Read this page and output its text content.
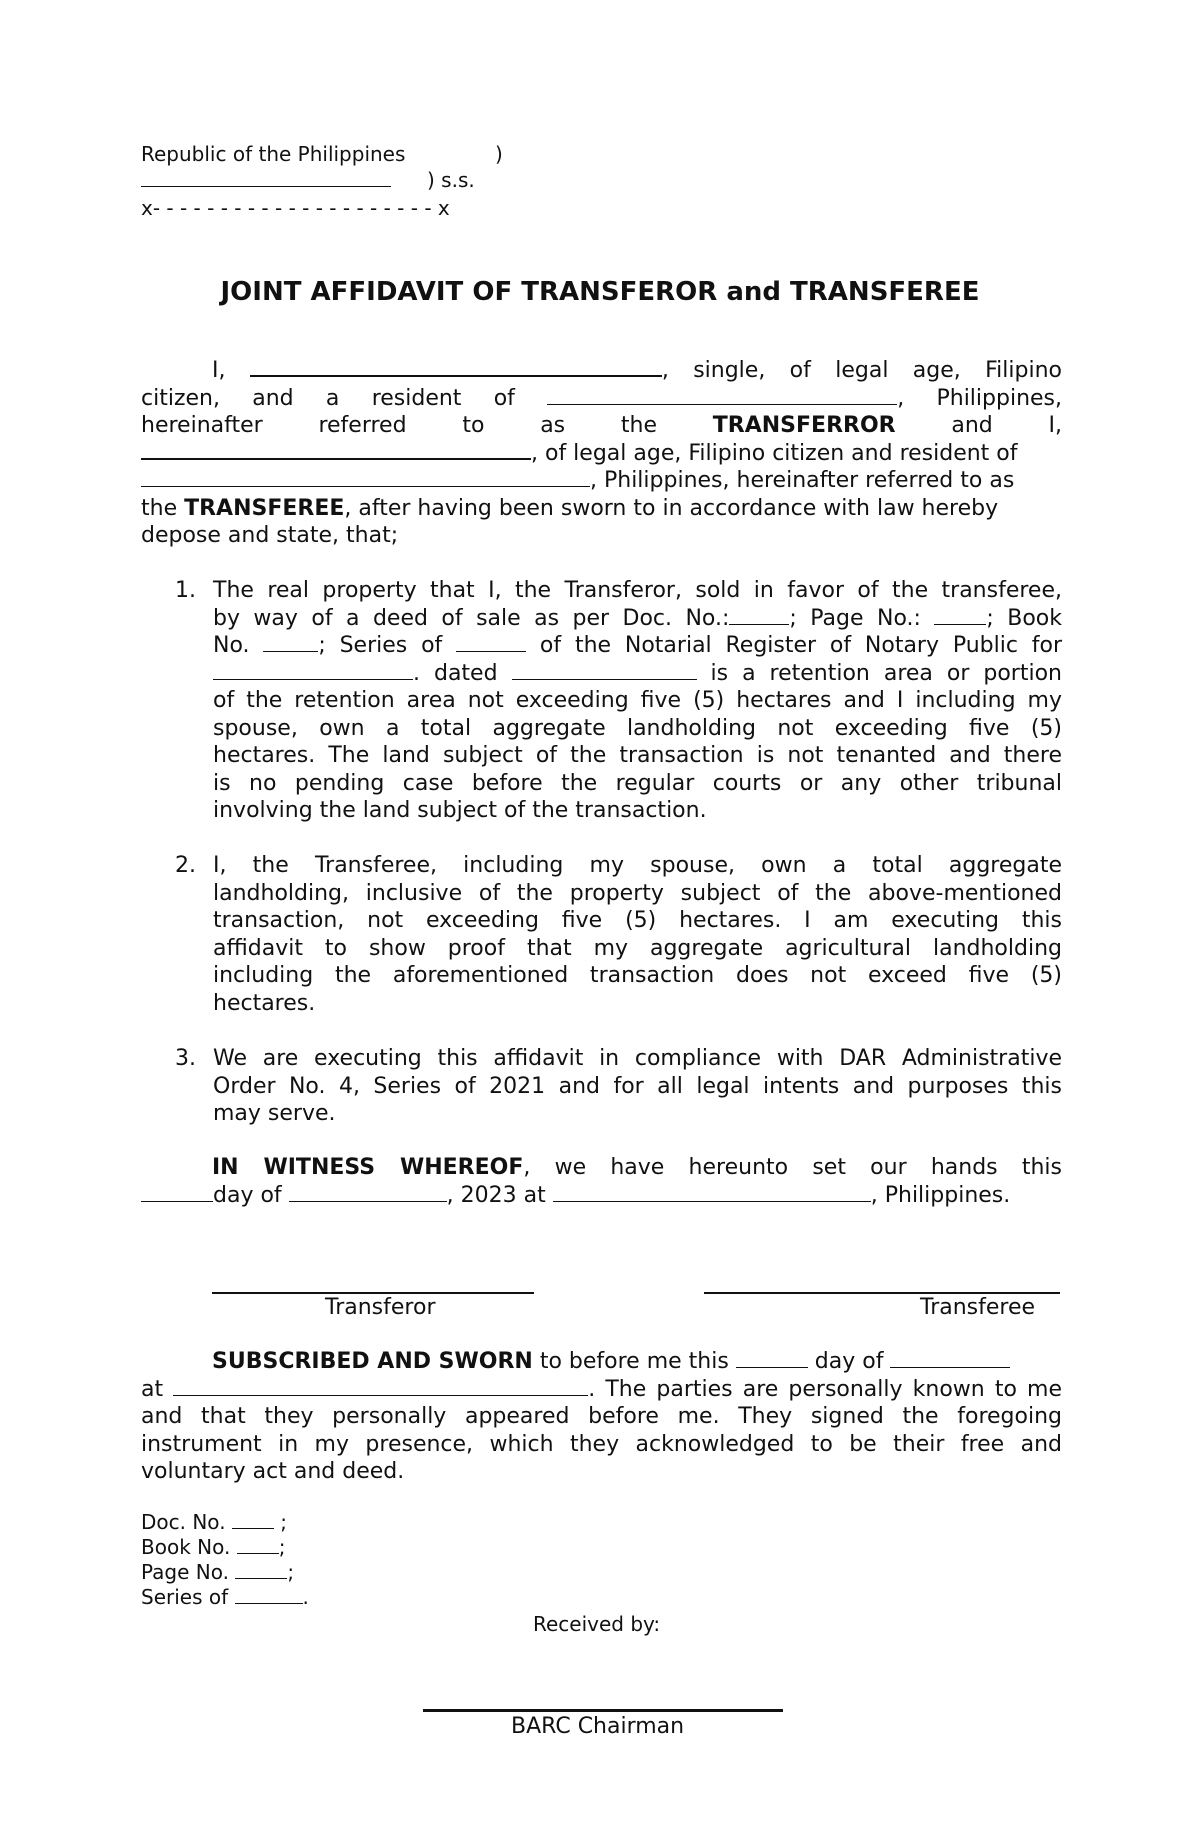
Republic of the Philippines	)
) s.s.
x- - - - - - - - - - - - - - - - - - - - - x
JOINT AFFIDAVIT OF TRANSFEROR and TRANSFEREE
I,	, single, of legal age, Filipino
citizen, and a resident of	, Philippines,
hereinafter	referred	to	as	the	TRANSFERROR	and	I,
, of legal age, Filipino citizen and resident of
, Philippines, hereinafter referred to as
the TRANSFEREE, after having been sworn to in accordance with law hereby
depose and state, that;
1. The real property that I, the Transferor, sold in favor of the transferee,
by way of a deed of sale as per Doc. No.:	; Page No.: ; Book
No.	; Series of	of the Notarial Register of Notary Public for
. dated	is a retention area or portion
of the retention area not exceeding five (5) hectares and I including my
spouse, own a total aggregate landholding not exceeding five (5)
hectares. The land subject of the transaction is not tenanted and there
is no pending case before the regular courts or any other tribunal
involving the land subject of the transaction.
2. I, the Transferee, including my spouse, own a total aggregate
landholding, inclusive of the property subject of the above-mentioned
transaction, not exceeding five (5) hectares. I am executing this
affidavit to show proof that my aggregate agricultural landholding
including the aforementioned transaction does not exceed five (5)
hectares.
3. We are executing this affidavit in compliance with DAR Administrative
Order No. 4, Series of 2021 and for all legal intents and purposes this
may serve.
IN WITNESS WHEREOF, we have hereunto set our hands this
day of	, 2023 at	, Philippines.
Transferor	Transferee
SUBSCRIBED AND SWORN to before me this	day of
at	. The parties are personally known to me
and that they personally appeared before me. They signed the foregoing
instrument in my presence, which they acknowledged to be their free and
voluntary act and deed.
Doc. No.  ;
Book No. ;
Page No.	;
Series of	.
Received by:
BARC Chairman
